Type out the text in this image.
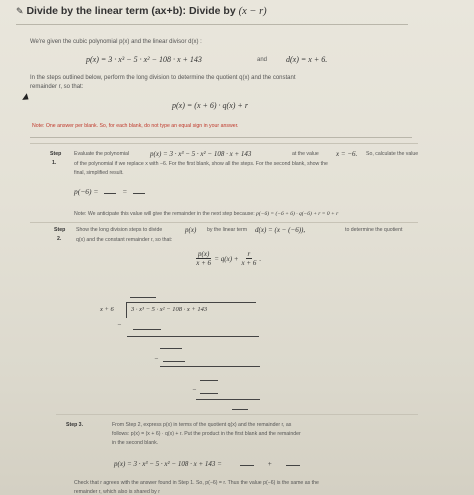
✎ Divide by the linear term (ax+b): Divide by (x − r)
We're given the cubic polynomial p(x) and the linear divisor d(x) :
p(x) = 3 · x³ − 5 · x² − 108 · x + 143	and d(x) = x + 6.
In the steps outlined below, perform the long division to determine the quotient q(x) and the constant
remainder r, so that:
p(x) = (x + 6) · q(x) + r
Note: One answer per blank. So, for each blank, do not type an equal sign in your answer.
Step
1.
Evaluate the polynomial	p(x) = 3 · x³ − 5 · x² − 108 · x + 143	at the value x = −6. So, calculate the value
of the polynomial if we replace x with −6. For the first blank, show all the steps. For the second blank, show the
final, simplified result.
p(−6) =	=
Note: We anticipate this value will give the remainder in the next step because: p(−6) = (−6 + 6) · q(−6) + r = 0 + r
Step
2.
Show the long division steps to divide	p(x) by the linear term d(x) = (x − (−6)),	to determine the quotient
q(x) and the constant remainder r, so that:
$\frac{p(x)}{x + 6} = q(x) + \frac{r}{x + 6}$ .
x + 6	3 · x³ − 5 · x² − 108 · x + 143
−
−
−
Step 3.	From Step 2, express p(x) in terms of the quotient q(x) and the remainder r, as
follows: p(x) = (x + 6) · q(x) + r. Put the product in the first blank and the remainder
in the second blank.
p(x) = 3 · x³ − 5 · x² − 108 · x + 143 =	+
Check that r agrees with the answer found in Step 1. So, p(−6) = r. Thus the value p(−6) is the same as the
remainder r, which also is shared by r
